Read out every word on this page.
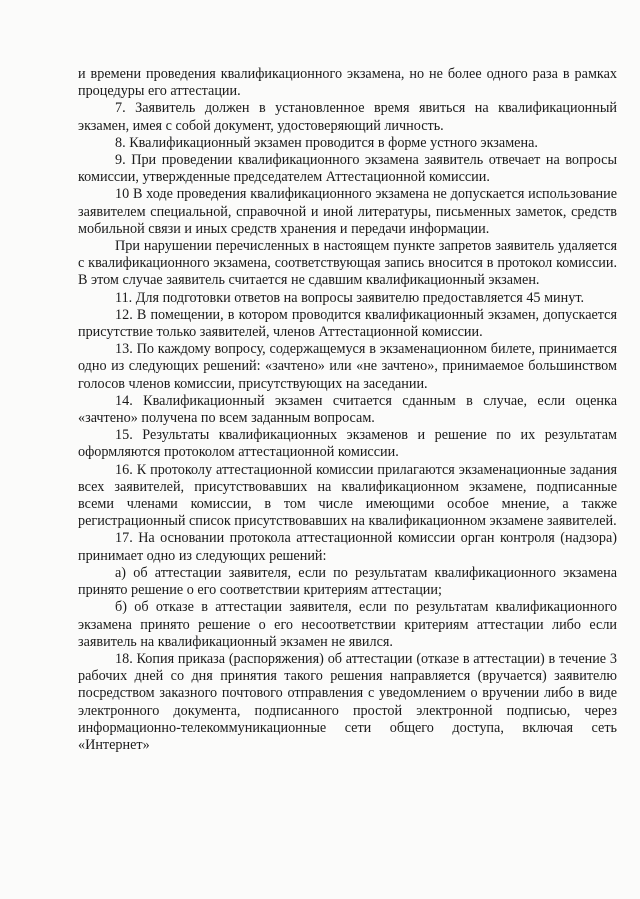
и времени проведения квалификационного экзамена, но не более одного раза в рамках процедуры его аттестации.

7. Заявитель должен в установленное время явиться на квалификационный экзамен, имея с собой документ, удостоверяющий личность.

8. Квалификационный экзамен проводится в форме устного экзамена.

9. При проведении квалификационного экзамена заявитель отвечает на вопросы комиссии, утвержденные председателем Аттестационной комиссии.

10 В ходе проведения квалификационного экзамена не допускается использование заявителем специальной, справочной и иной литературы, письменных заметок, средств мобильной связи и иных средств хранения и передачи информации.

При нарушении перечисленных в настоящем пункте запретов заявитель удаляется с квалификационного экзамена, соответствующая запись вносится в протокол комиссии. В этом случае заявитель считается не сдавшим квалификационный экзамен.

11. Для подготовки ответов на вопросы заявителю предоставляется 45 минут.

12. В помещении, в котором проводится квалификационный экзамен, допускается присутствие только заявителей, членов Аттестационной комиссии.

13. По каждому вопросу, содержащемуся в экзаменационном билете, принимается одно из следующих решений: «зачтено» или «не зачтено», принимаемое большинством голосов членов комиссии, присутствующих на заседании.

14. Квалификационный экзамен считается сданным в случае, если оценка «зачтено» получена по всем заданным вопросам.

15. Результаты квалификационных экзаменов и решение по их результатам оформляются протоколом аттестационной комиссии.

16. К протоколу аттестационной комиссии прилагаются экзаменационные задания всех заявителей, присутствовавших на квалификационном экзамене, подписанные всеми членами комиссии, в том числе имеющими особое мнение, а также регистрационный список присутствовавших на квалификационном экзамене заявителей.

17. На основании протокола аттестационной комиссии орган контроля (надзора) принимает одно из следующих решений:

а) об аттестации заявителя, если по результатам квалификационного экзамена принято решение о его соответствии критериям аттестации;

б) об отказе в аттестации заявителя, если по результатам квалификационного экзамена принято решение о его несоответствии критериям аттестации либо если заявитель на квалификационный экзамен не явился.

18. Копия приказа (распоряжения) об аттестации (отказе в аттестации) в течение 3 рабочих дней со дня принятия такого решения направляется (вручается) заявителю посредством заказного почтового отправления с уведомлением о вручении либо в виде электронного документа, подписанного простой электронной подписью, через информационно-телекоммуникационные сети общего доступа, включая сеть «Интернет»
